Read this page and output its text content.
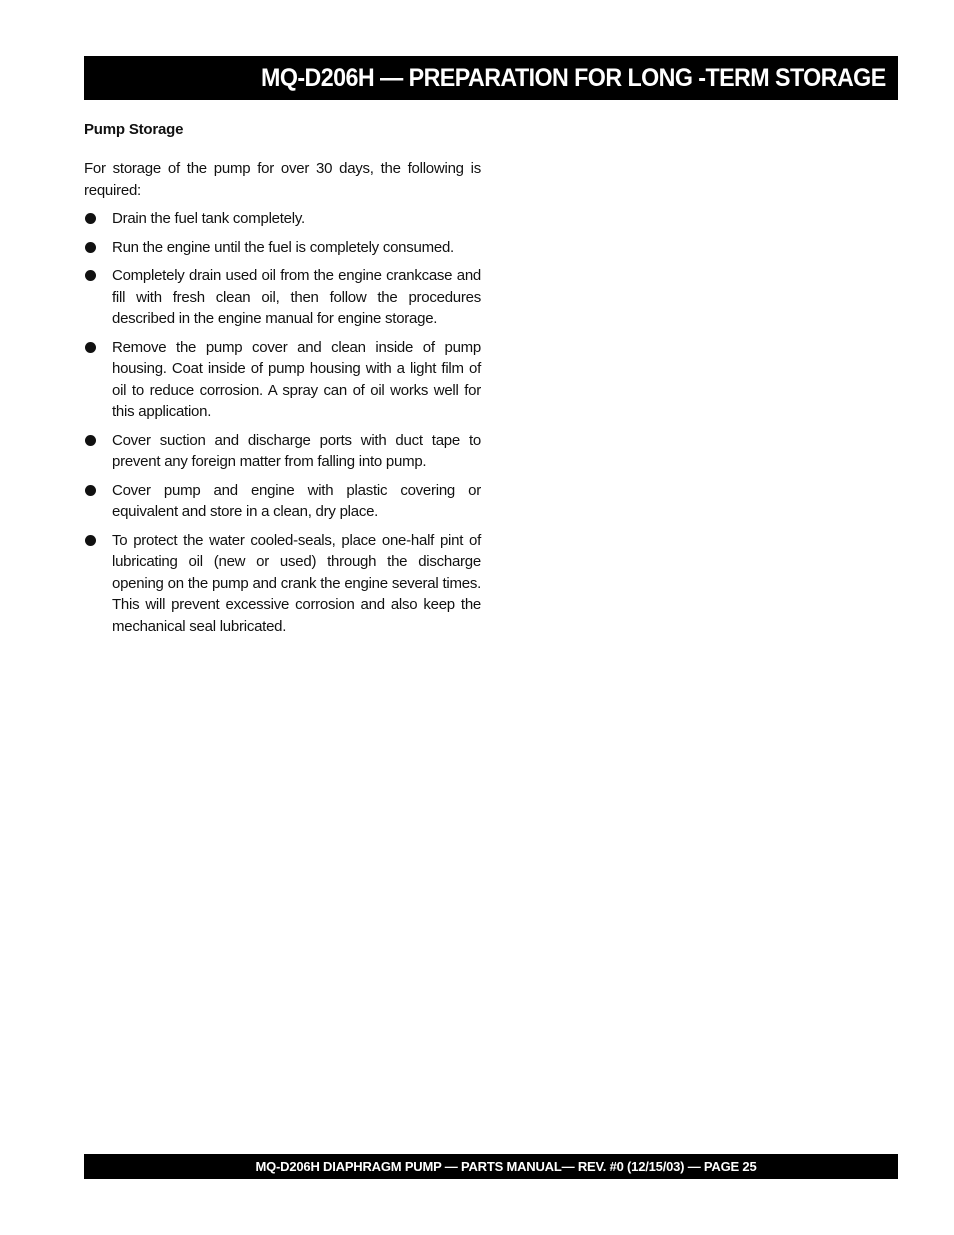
MQ-D206H — PREPARATION FOR LONG -TERM STORAGE
Pump Storage

For storage of the pump for over 30 days, the following is required:

Drain the fuel tank completely.
Run the engine until the fuel is completely consumed.
Completely drain used oil from the engine crankcase and fill with fresh clean oil, then follow the procedures described in the engine manual for engine storage.
Remove the pump cover and clean inside of pump housing. Coat inside of pump housing with a light film of oil to reduce corrosion. A spray can of oil works well for this application.
Cover suction and discharge ports with duct tape to prevent any foreign matter from falling into pump.
Cover pump and engine with plastic covering or equivalent and store in a clean, dry place.
To protect the water cooled-seals, place one-half pint of lubricating oil (new or used) through the discharge opening on the pump and crank the engine several times. This will prevent excessive corrosion and also keep the mechanical seal lubricated.
MQ-D206H DIAPHRAGM PUMP — PARTS MANUAL— REV. #0 (12/15/03) — PAGE 25
